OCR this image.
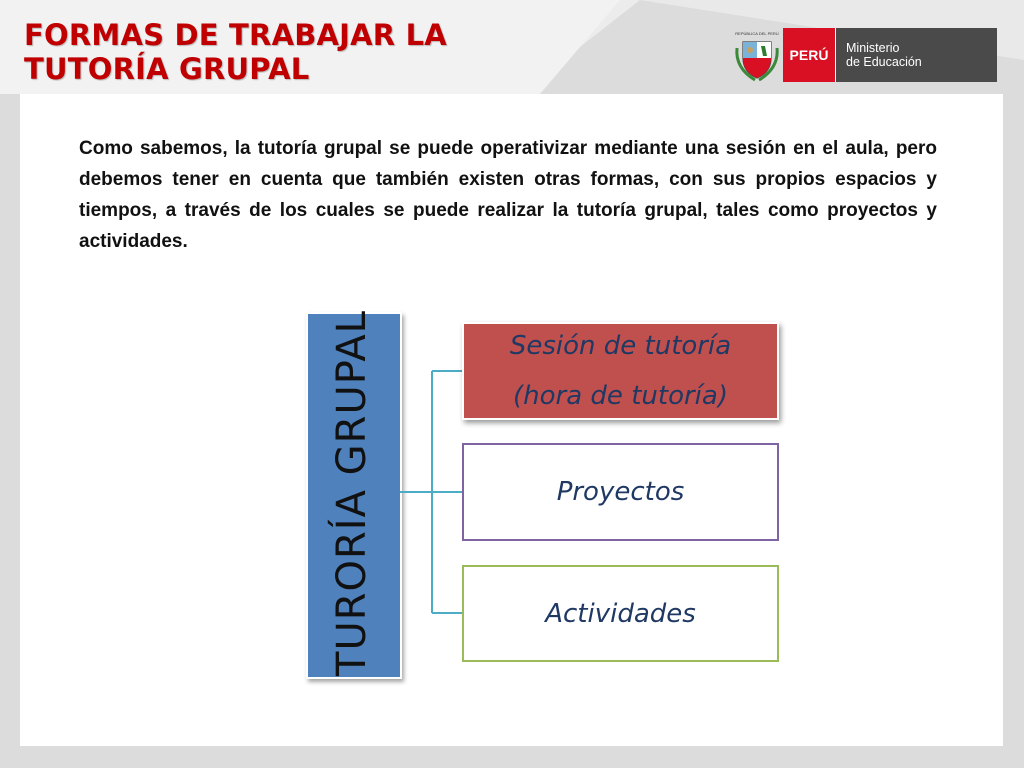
FORMAS DE TRABAJAR LA
TUTORÍA GRUPAL
REPÚBLICA DEL PERÚ
PERÚ	Ministerio
de Educación

Como sabemos, la tutoría grupal se puede operativizar mediante una sesión en el aula, pero debemos tener en cuenta que también existen otras formas, con sus propios espacios y tiempos, a través de los cuales se puede realizar la tutoría grupal, tales como proyectos y actividades.

TURORÍA GRUPAL	Sesión de tutoría
(hora de tutoría)
Proyectos
Actividades
